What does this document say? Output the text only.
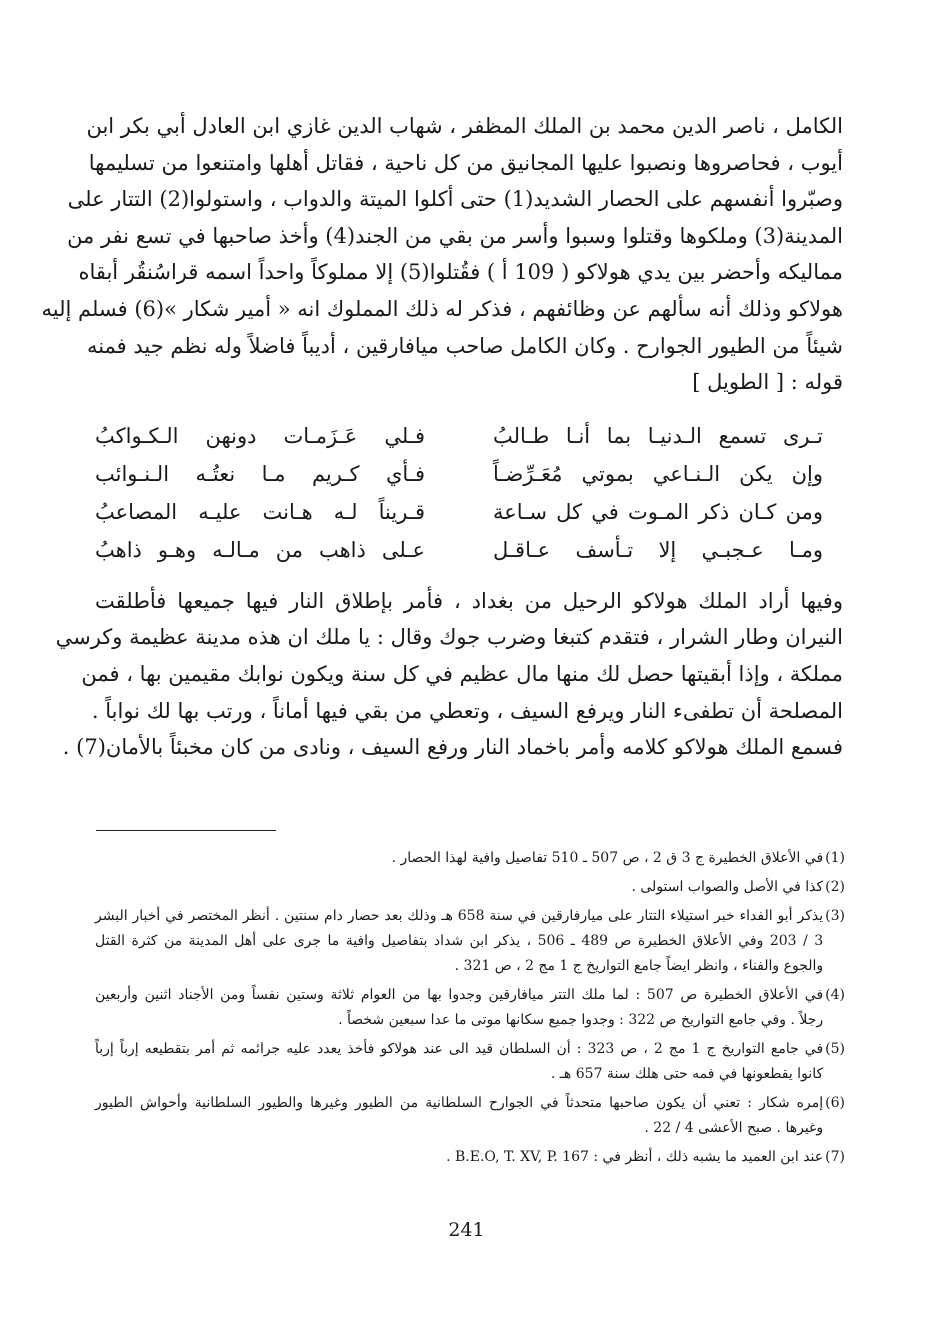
الكامل ، ناصر الدين محمد بن الملك المظفر ، شهاب الدين غازي ابن العادل أبي بكر ابن
أيوب ، فحاصروها ونصبوا عليها المجانيق من كل ناحية ، فقاتل أهلها وامتنعوا من تسليمها
وصبّروا أنفسهم على الحصار الشديد(1) حتى أكلوا الميتة والدواب ، واستولوا(2) التتار على
المدينة(3) وملكوها وقتلوا وسبوا وأسر من بقي من الجند(4) وأخذ صاحبها في تسع نفر من
مماليكه وأحضر بين يدي هولاكو ( 109 أ ) فقُتلوا(5) إلا مملوكاً واحداً اسمه قراسُنقُر أبقاه
هولاكو وذلك أنه سألهم عن وظائفهم ، فذكر له ذلك المملوك انه « أمير شكار »(6) فسلم إليه
شيئاً من الطيور الجوارح . وكان الكامل صاحب ميافارقين ، أديباً فاضلاً وله نظم جيد فمنه
قوله : [ الطويل ]

تـرى تسمع الـدنيـا بما أنـا طـالبُ
فـلي عَـزَمـات دونهن الـكـواكبُ
وإن يكن الـنـاعي بموتي مُعَـرِّضـاً
فـأي كـريم مـا نعتُـه الـنـوائب
ومن كـان ذكر المـوت في كل سـاعة
قـريناً لـه هـانت عليـه المصاعبُ
ومـا عـجبـي إلا تـأسف عـاقـل
عـلى ذاهب من مـالـه وهـو ذاهبُ

وفيها أراد الملك هولاكو الرحيل من بغداد ، فأمر بإطلاق النار فيها جميعها فأطلقت
النيران وطار الشرار ، فتقدم كتبغا وضرب جوك وقال : يا ملك ان هذه مدينة عظيمة وكرسي
مملكة ، وإذا أبقيتها حصل لك منها مال عظيم في كل سنة ويكون نوابك مقيمين بها ، فمن
المصلحة أن تطفىء النار ويرفع السيف ، وتعطي من بقي فيها أماناً ، ورتب بها لك نواباً .
فسمع الملك هولاكو كلامه وأمر باخماد النار ورفع السيف ، ونادى من كان مخبئاً بالأمان(7) .

(1)
في الأعلاق الخطيرة ج 3 ق 2 ، ص 507 ـ 510 تفاصيل وافية لهذا الحصار .
(2)
كذا في الأصل والصواب استولى .
(3)
يذكر أبو الفداء خبر استيلاء التتار على ميارفارقين في سنة 658 هـ وذلك بعد حصار دام سنتين . أنظر المختصر في أخبار البشر
3 / 203 وفي الأعلاق الخطيرة ص 489 ـ 506 ، يذكر ابن شداد بتفاصيل وافية ما جرى على أهل المدينة من كثرة القتل
والجوع والفناء ، وانظر ايضاً جامع التواريخ ج 1 مج 2 ، ص 321 .
(4)
في الأعلاق الخطيرة ص 507 : لما ملك التتر ميافارقين وجدوا بها من العوام ثلاثة وستين نفساً ومن الأجناد اثنين وأربعين
رجلاً . وفي جامع التواريخ ص 322 : وجدوا جميع سكانها موتى ما عدا سبعين شخصاً .
(5)
في جامع التواريخ ج 1 مج 2 ، ص 323 : أن السلطان قيد الى عند هولاكو فأخذ يعدد عليه جرائمه ثم أمر بتقطيعه إرباً إرباً
كانوا يقطعونها في فمه حتى هلك سنة 657 هـ .
(6)
إمره شكار : تعني أن يكون صاحبها متحدثاً في الجوارح السلطانية من الطيور وغيرها والطيور السلطانية وأحواش الطيور
وغيرها . صبح الأعشى 4 / 22 .
(7)
عند ابن العميد ما يشبه ذلك ، أنظر في : B.E.O, T. XV, P. 167 .
241
